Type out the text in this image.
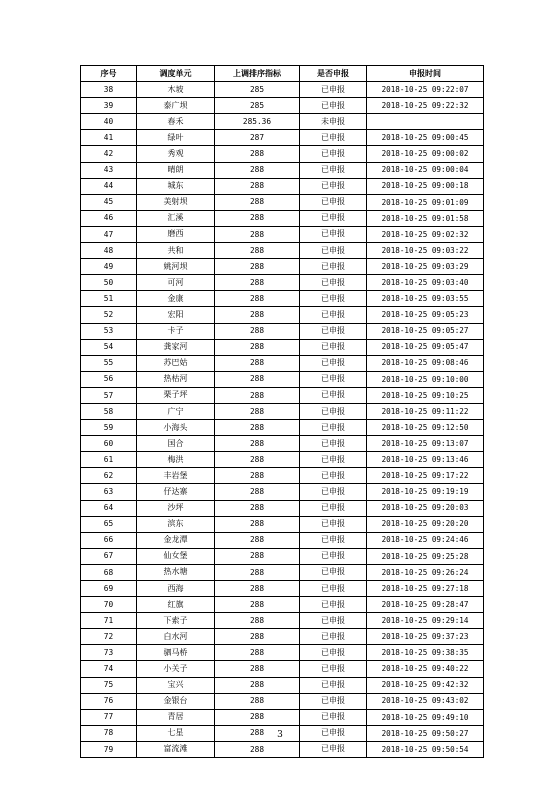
序号	调度单元	上调排序指标	是否申报	申报时间
38	木坡	285	已申报	2018-10-25 09:22:07
39	泰广坝	285	已申报	2018-10-25 09:22:32
40	春禾	285.36	未申报	
41	绿叶	287	已申报	2018-10-25 09:00:45
42	秀观	288	已申报	2018-10-25 09:00:02
43	晴朗	288	已申报	2018-10-25 09:00:04
44	城东	288	已申报	2018-10-25 09:00:18
45	美射坝	288	已申报	2018-10-25 09:01:09
46	汇溪	288	已申报	2018-10-25 09:01:58
47	磨西	288	已申报	2018-10-25 09:02:32
48	共和	288	已申报	2018-10-25 09:03:22
49	姚河坝	288	已申报	2018-10-25 09:03:29
50	可河	288	已申报	2018-10-25 09:03:40
51	金康	288	已申报	2018-10-25 09:03:55
52	宏阳	288	已申报	2018-10-25 09:05:23
53	卡子	288	已申报	2018-10-25 09:05:27
54	龚家河	288	已申报	2018-10-25 09:05:47
55	苏巴姑	288	已申报	2018-10-25 09:08:46
56	热枯河	288	已申报	2018-10-25 09:10:00
57	栗子坪	288	已申报	2018-10-25 09:10:25
58	广宁	288	已申报	2018-10-25 09:11:22
59	小海头	288	已申报	2018-10-25 09:12:50
60	国合	288	已申报	2018-10-25 09:13:07
61	梅洪	288	已申报	2018-10-25 09:13:46
62	丰岩堡	288	已申报	2018-10-25 09:17:22
63	仔达寨	288	已申报	2018-10-25 09:19:19
64	沙坪	288	已申报	2018-10-25 09:20:03
65	滨东	288	已申报	2018-10-25 09:20:20
66	金龙潭	288	已申报	2018-10-25 09:24:46
67	仙女堡	288	已申报	2018-10-25 09:25:28
68	热水塘	288	已申报	2018-10-25 09:26:24
69	西海	288	已申报	2018-10-25 09:27:18
70	红旗	288	已申报	2018-10-25 09:28:47
71	下索子	288	已申报	2018-10-25 09:29:14
72	白水河	288	已申报	2018-10-25 09:37:23
73	驷马桥	288	已申报	2018-10-25 09:38:35
74	小关子	288	已申报	2018-10-25 09:40:22
75	宝兴	288	已申报	2018-10-25 09:42:32
76	金银台	288	已申报	2018-10-25 09:43:02
77	青居	288	已申报	2018-10-25 09:49:10
78	七星	288	已申报	2018-10-25 09:50:27
79	富流滩	288	已申报	2018-10-25 09:50:54
3
